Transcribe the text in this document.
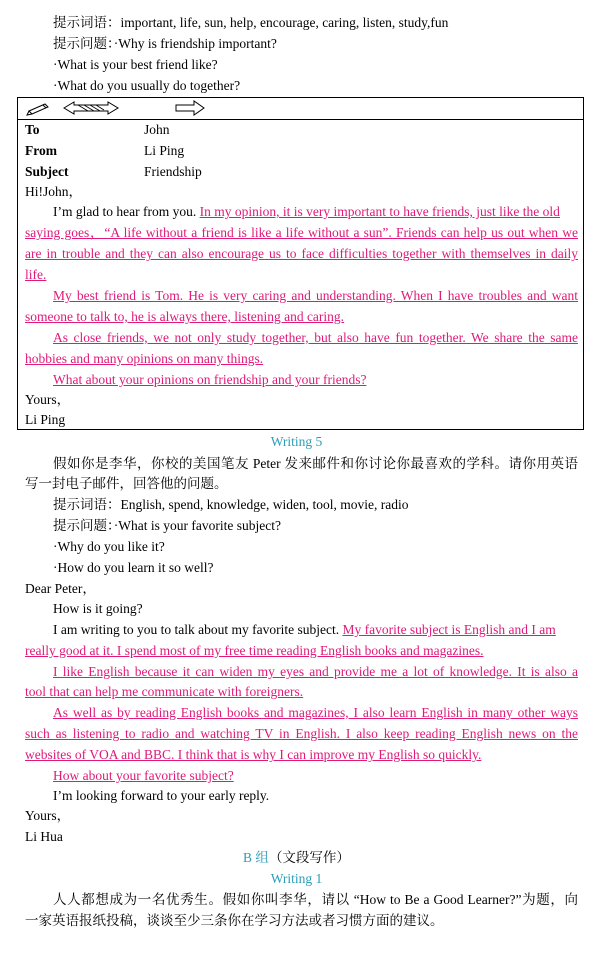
提示词语：important, life, sun, help, encourage, caring, listen, study,fun
提示问题：·Why is friendship important?
·What is your best friend like?
·What do you usually do together?
To	John
From	Li Ping
Subject	Friendship
Hi!John，
I’m glad to hear from you. In my opinion, it is very important to have friends, just like the old
saying goes，“A life without a friend is like a life without a sun”. Friends can help us out when we
are in trouble and they can also encourage us to face difficulties together with themselves in daily
life.
My best friend is Tom. He is very caring and understanding. When I have troubles and want
someone to talk to, he is always there, listening and caring.
As close friends, we not only study together, but also have fun together. We share the same
hobbies and many opinions on many things.
What about your opinions on friendship and your friends?
Yours，
Li Ping
Writing 5
假如你是李华，你校的美国笔友 Peter 发来邮件和你讨论你最喜欢的学科。请你用英语
写一封电子邮件，回答他的问题。
提示词语：English, spend, knowledge, widen, tool, movie, radio
提示问题：·What is your favorite subject?
·Why do you like it?
·How do you learn it so well?
Dear Peter，
How is it going?
I am writing to you to talk about my favorite subject. My favorite subject is English and I am
really good at it. I spend most of my free time reading English books and magazines.
I like English because it can widen my eyes and provide me a lot of knowledge. It is also a
tool that can help me communicate with foreigners.
As well as by reading English books and magazines, I also learn English in many other ways
such as listening to radio and watching TV in English. I also keep reading English news on the
websites of VOA and BBC. I think that is why I can improve my English so quickly.
How about your favorite subject?
I’m looking forward to your early reply.
Yours，
Li Hua
B 组（文段写作）
Writing 1
人人都想成为一名优秀生。假如你叫李华，请以 “How to Be a Good Learner?”为题，向
一家英语报纸投稿，谈谈至少三条你在学习方法或者习惯方面的建议。
